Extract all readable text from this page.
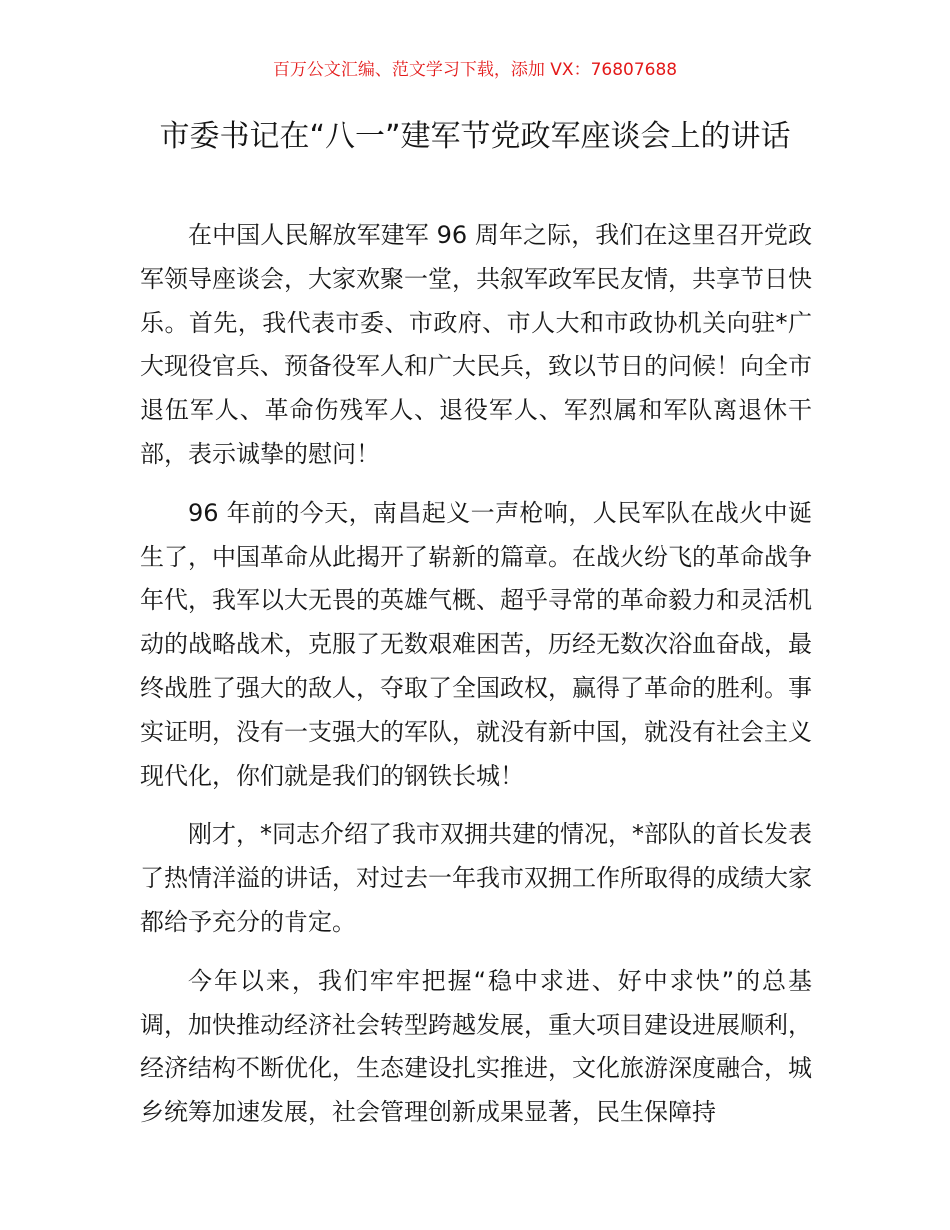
百万公文汇编、范文学习下载，添加 VX：76807688
市委书记在“八一”建军节党政军座谈会上的讲话

在中国人民解放军建军 96 周年之际，我们在这里召开党政军领导座谈会，大家欢聚一堂，共叙军政军民友情，共享节日快乐。首先，我代表市委、市政府、市人大和市政协机关向驻*广大现役官兵、预备役军人和广大民兵，致以节日的问候！向全市退伍军人、革命伤残军人、退役军人、军烈属和军队离退休干部，表示诚挚的慰问！

96 年前的今天，南昌起义一声枪响，人民军队在战火中诞生了，中国革命从此揭开了崭新的篇章。在战火纷飞的革命战争年代，我军以大无畏的英雄气概、超乎寻常的革命毅力和灵活机动的战略战术，克服了无数艰难困苦，历经无数次浴血奋战，最终战胜了强大的敌人，夺取了全国政权，赢得了革命的胜利。事实证明，没有一支强大的军队，就没有新中国，就没有社会主义现代化，你们就是我们的钢铁长城！

刚才，*同志介绍了我市双拥共建的情况，*部队的首长发表了热情洋溢的讲话，对过去一年我市双拥工作所取得的成绩大家都给予充分的肯定。

今年以来，我们牢牢把握“稳中求进、好中求快”的总基调，加快推动经济社会转型跨越发展，重大项目建设进展顺利，经济结构不断优化，生态建设扎实推进，文化旅游深度融合，城乡统筹加速发展，社会管理创新成果显著，民生保障持
